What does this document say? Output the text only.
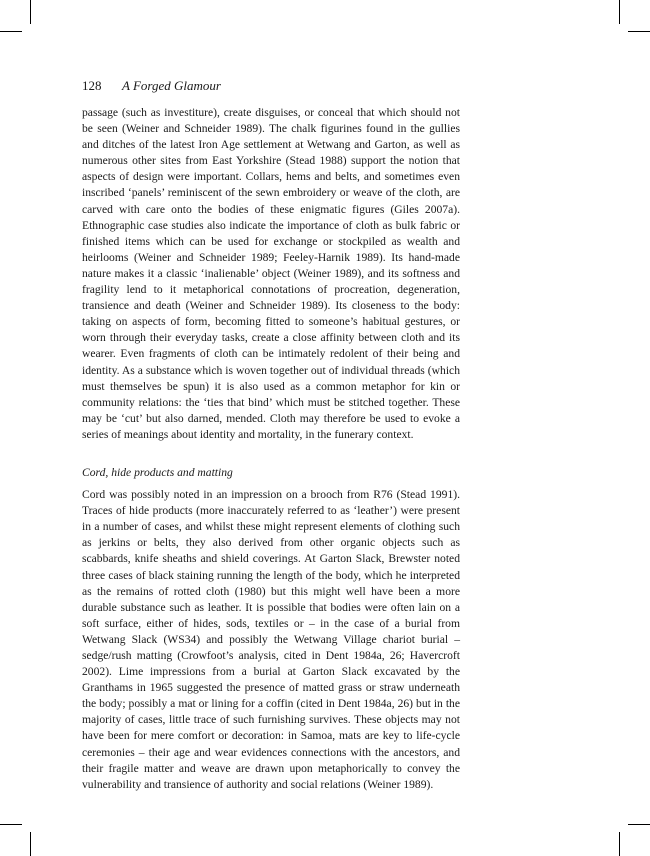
128 A Forged Glamour

passage (such as investiture), create disguises, or conceal that which should not be seen (Weiner and Schneider 1989). The chalk figurines found in the gullies and ditches of the latest Iron Age settlement at Wetwang and Garton, as well as numerous other sites from East Yorkshire (Stead 1988) support the notion that aspects of design were important. Collars, hems and belts, and sometimes even inscribed ‘panels’ reminiscent of the sewn embroidery or weave of the cloth, are carved with care onto the bodies of these enigmatic figures (Giles 2007a). Ethnographic case studies also indicate the importance of cloth as bulk fabric or finished items which can be used for exchange or stockpiled as wealth and heirlooms (Weiner and Schneider 1989; Feeley-Harnik 1989). Its hand-made nature makes it a classic ‘inalienable’ object (Weiner 1989), and its softness and fragility lend to it metaphorical connotations of procreation, degeneration, transience and death (Weiner and Schneider 1989). Its closeness to the body: taking on aspects of form, becoming fitted to someone’s habitual gestures, or worn through their everyday tasks, create a close affinity between cloth and its wearer. Even fragments of cloth can be intimately redolent of their being and identity. As a substance which is woven together out of individual threads (which must themselves be spun) it is also used as a common metaphor for kin or community relations: the ‘ties that bind’ which must be stitched together. These may be ‘cut’ but also darned, mended. Cloth may therefore be used to evoke a series of meanings about identity and mortality, in the funerary context.

Cord, hide products and matting

Cord was possibly noted in an impression on a brooch from R76 (Stead 1991). Traces of hide products (more inaccurately referred to as ‘leather’) were present in a number of cases, and whilst these might represent elements of clothing such as jerkins or belts, they also derived from other organic objects such as scabbards, knife sheaths and shield coverings. At Garton Slack, Brewster noted three cases of black staining running the length of the body, which he interpreted as the remains of rotted cloth (1980) but this might well have been a more durable substance such as leather. It is possible that bodies were often lain on a soft surface, either of hides, sods, textiles or – in the case of a burial from Wetwang Slack (WS34) and possibly the Wetwang Village chariot burial – sedge/rush matting (Crowfoot’s analysis, cited in Dent 1984a, 26; Havercroft 2002). Lime impressions from a burial at Garton Slack excavated by the Granthams in 1965 suggested the presence of matted grass or straw underneath the body; possibly a mat or lining for a coffin (cited in Dent 1984a, 26) but in the majority of cases, little trace of such furnishing survives. These objects may not have been for mere comfort or decoration: in Samoa, mats are key to life-cycle ceremonies – their age and wear evidences connections with the ancestors, and their fragile matter and weave are drawn upon metaphorically to convey the vulnerability and transience of authority and social relations (Weiner 1989).
